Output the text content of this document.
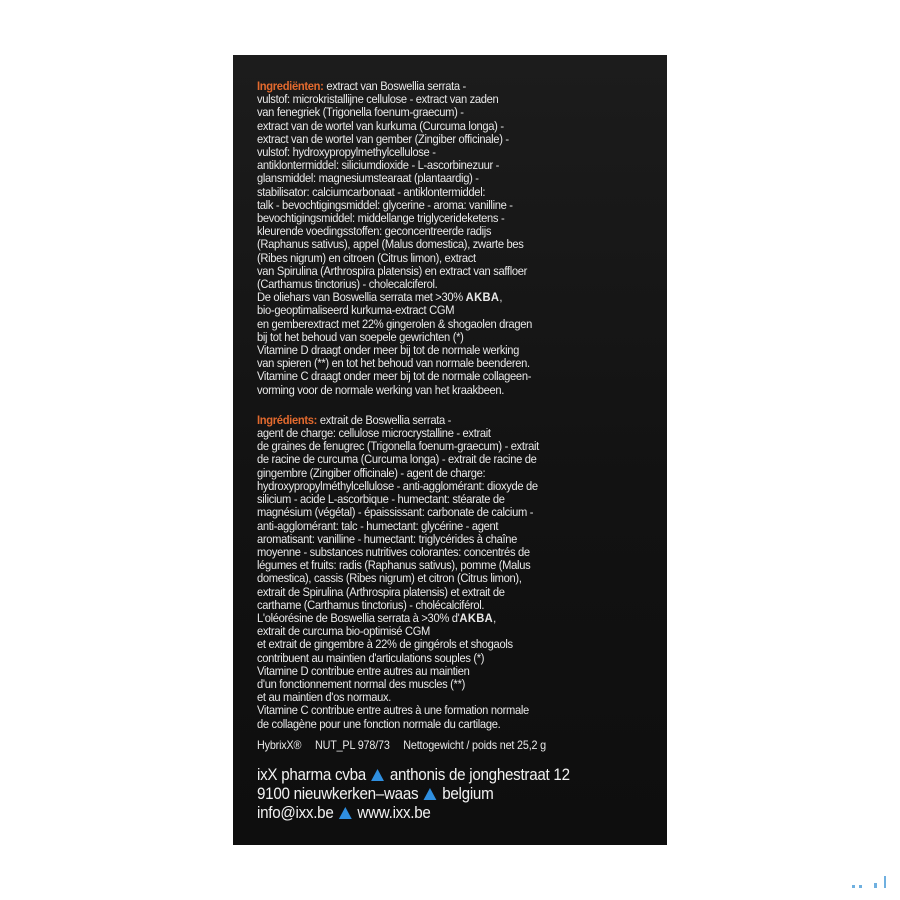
Ingrediënten: extract van Boswellia serrata -
vulstof: microkristallijne cellulose - extract van zaden
van fenegriek (Trigonella foenum-graecum) -
extract van de wortel van kurkuma (Curcuma longa) -
extract van de wortel van gember (Zingiber officinale) -
vulstof: hydroxypropylmethylcellulose -
antiklontermiddel: siliciumdioxide - L-ascorbinezuur -
glansmiddel: magnesiumstearaat (plantaardig) -
stabilisator: calciumcarbonaat - antiklontermiddel:
talk - bevochtigingsmiddel: glycerine - aroma: vanilline -
bevochtigingsmiddel: middellange triglycerideketens -
kleurende voedingsstoffen: geconcentreerde radijs
(Raphanus sativus), appel (Malus domestica), zwarte bes
(Ribes nigrum) en citroen (Citrus limon), extract
van Spirulina (Arthrospira platensis) en extract van saffloer
(Carthamus tinctorius) - cholecalciferol.
De oliehars van Boswellia serrata met >30% AKBA,
bio-geoptimaliseerd kurkuma-extract CGM
en gemberextract met 22% gingerolen & shogaolen dragen
bij tot het behoud van soepele gewrichten (*)
Vitamine D draagt onder meer bij tot de normale werking
van spieren (**) en tot het behoud van normale beenderen.
Vitamine C draagt onder meer bij tot de normale collageen-
vorming voor de normale werking van het kraakbeen.
Ingrédients: extrait de Boswellia serrata -
agent de charge: cellulose microcrystalline - extrait
de graines de fenugrec (Trigonella foenum-graecum) - extrait
de racine de curcuma (Curcuma longa) - extrait de racine de
gingembre (Zingiber officinale) - agent de charge:
hydroxypropylméthylcellulose - anti-agglomérant: dioxyde de
silicium - acide L-ascorbique - humectant: stéarate de
magnésium (végétal) - épaississant: carbonate de calcium -
anti-agglomérant: talc - humectant: glycérine - agent
aromatisant: vanilline - humectant: triglycérides à chaîne
moyenne - substances nutritives colorantes: concentrés de
légumes et fruits: radis (Raphanus sativus), pomme (Malus
domestica), cassis (Ribes nigrum) et citron (Citrus limon),
extrait de Spirulina (Arthrospira platensis) et extrait de
carthame (Carthamus tinctorius) - cholécalciférol.
L'oléorésine de Boswellia serrata à >30% d'AKBA,
extrait de curcuma bio-optimisé CGM
et extrait de gingembre à 22% de gingérols et shogaols
contribuent au maintien d'articulations souples (*)
Vitamine D contribue entre autres au maintien
d'un fonctionnement normal des muscles (**)
et au maintien d'os normaux.
Vitamine C contribue entre autres à une formation normale
de collagène pour une fonction normale du cartilage.
HybrixX® NUT_PL 978/73 Nettogewicht / poids net 25,2 g
ixX pharma cvba anthonis de jonghestraat 12
9100 nieuwkerken–waas belgium
info@ixx.be www.ixx.be
